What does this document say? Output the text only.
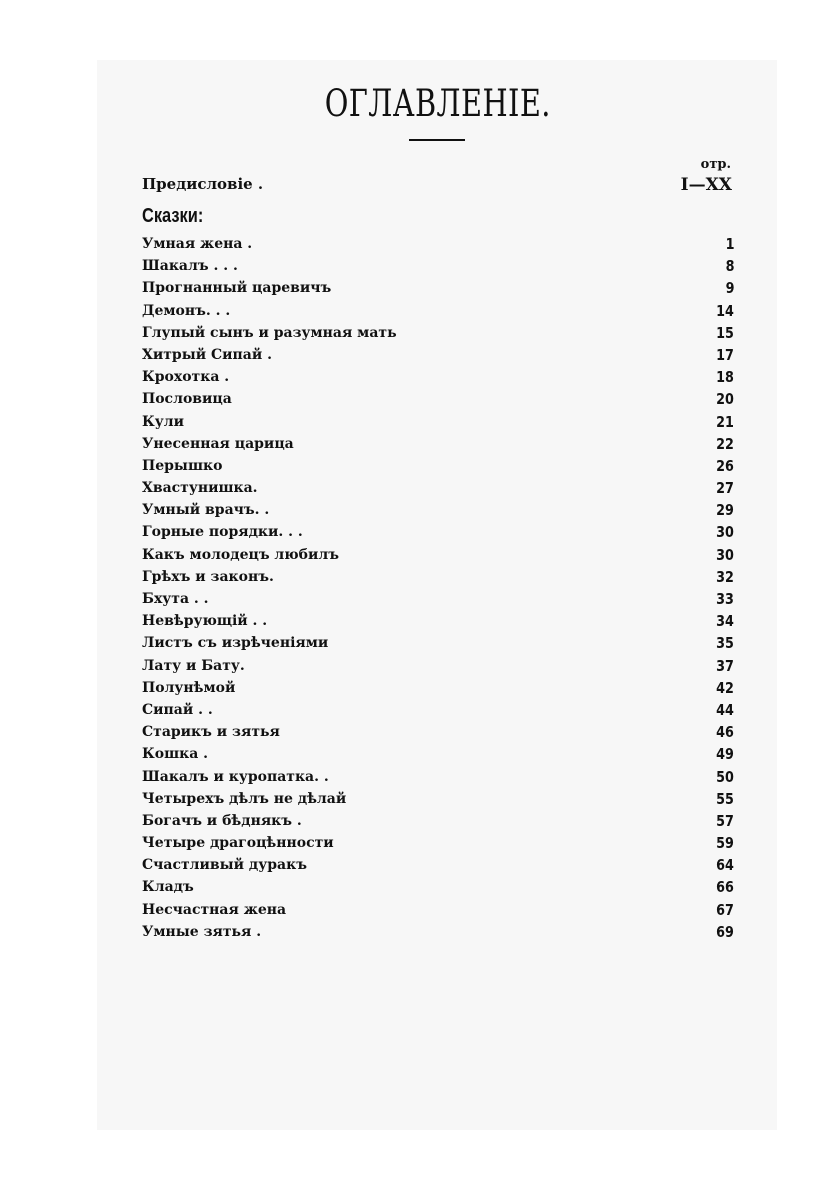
ОГЛАВЛЕНІЕ.
отр.
Предисловіе .	I—XX
Сказки:
Умная жена .	1
Шакалъ . . .	8
Прогнанный царевичъ	9
Демонъ. . .	14
Глупый сынъ и разумная мать	15
Хитрый Сипай .	17
Крохотка .	18
Пословица	20
Кули	21
Унесенная царица	22
Перышко	26
Хвастунишка.	27
Умный врачъ. .	29
Горные порядки. . .	30
Какъ молодецъ любилъ	30
Грѣхъ и законъ.	32
Бхута . .	33
Невѣрующій . .	34
Листъ съ изрѣченіями	35
Лату и Бату.	37
Полунѣмой	42
Сипай . .	44
Старикъ и зятья	46
Кошка .	49
Шакалъ и куропатка. .	50
Четырехъ дѣлъ не дѣлай	55
Богачъ и бѣднякъ .	57
Четыре драгоцѣнности	59
Счастливый дуракъ	64
Кладъ	66
Несчастная жена	67
Умные зятья .	69
